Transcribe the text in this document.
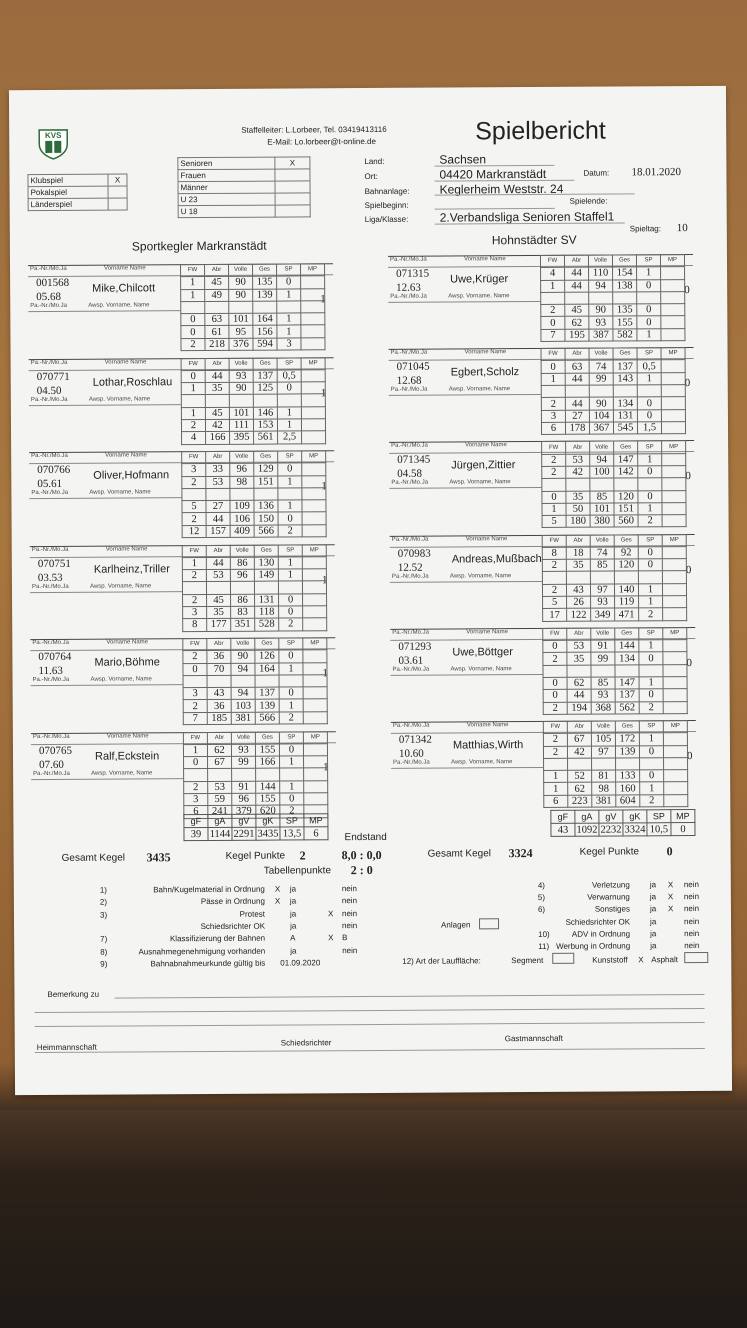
KVS
Staffelleiter: L.Lorbeer, Tel. 03419413116
E-Mail: Lo.lorbeer@t-online.de	Spielbericht
Klubspiel	X
Pokalspiel	
Länderspiel	
Senioren	X
Frauen	
Männer	
U 23	
U 18	
Land:	Sachsen
Ort:	04420 Markranstädt	Datum: 18.01.2020
Bahnanlage: Keglerheim Weststr. 24
Spielbeginn:	Spielende:
Liga/Klasse:	2.Verbandsliga Senioren Staffel1
Spieltag: 10
Sportkegler Markranstädt	Hohnstädter SV
Pa.-Nr./Mo.Ja	Vorname Name
001568
05.68
Mike,Chilcott
Pa.-Nr./Mo.Ja	Awsp. Vorname, Name
1
FW	Abr	Volle	Ges	SP	MP
1	45	90	135	0	
1	49	90	139	1	

0	63	101	164	1	
0	61	95	156	1	
2	218	376	594	3	
Pa.-Nr./Mo.Ja	Vorname Name
070771
04.50
Lothar,Roschlau
Pa.-Nr./Mo.Ja	Awsp. Vorname, Name
1
FW	Abr	Volle	Ges	SP	MP
0	44	93	137	0,5	
1	35	90	125	0	

1	45	101	146	1	
2	42	111	153	1	
4	166	395	561	2,5	
Pa.-Nr./Mo.Ja	Vorname Name
070766
05.61
Oliver,Hofmann
Pa.-Nr./Mo.Ja	Awsp. Vorname, Name
1
FW	Abr	Volle	Ges	SP	MP
3	33	96	129	0	
2	53	98	151	1	

5	27	109	136	1	
2	44	106	150	0	
12	157	409	566	2	
Pa.-Nr./Mo.Ja	Vorname Name
070751
03.53
Karlheinz,Triller
Pa.-Nr./Mo.Ja	Awsp. Vorname, Name
1
FW	Abr	Volle	Ges	SP	MP
1	44	86	130	1	
2	53	96	149	1	

2	45	86	131	0	
3	35	83	118	0	
8	177	351	528	2	
Pa.-Nr./Mo.Ja	Vorname Name
070764
11.63
Mario,Böhme
Pa.-Nr./Mo.Ja	Awsp. Vorname, Name
1
FW	Abr	Volle	Ges	SP	MP
2	36	90	126	0	
0	70	94	164	1	

3	43	94	137	0	
2	36	103	139	1	
7	185	381	566	2	
Pa.-Nr./Mo.Ja	Vorname Name
070765
07.60
Ralf,Eckstein
Pa.-Nr./Mo.Ja	Awsp. Vorname, Name
1
FW	Abr	Volle	Ges	SP	MP
1	62	93	155	0	
0	67	99	166	1	

2	53	91	144	1	
3	59	96	155	0	
6	241	379	620	2	
Pa.-Nr./Mo.Ja	Vorname Name
071315
12.63
Uwe,Krüger
Pa.-Nr./Mo.Ja	Awsp. Vorname, Name
0
FW	Abr	Volle	Ges	SP	MP
4	44	110	154	1	
1	44	94	138	0	

2	45	90	135	0	
0	62	93	155	0	
7	195	387	582	1	
Pa.-Nr./Mo.Ja	Vorname Name
071045
12.68
Egbert,Scholz
Pa.-Nr./Mo.Ja	Awsp. Vorname, Name
0
FW	Abr	Volle	Ges	SP	MP
0	63	74	137	0,5	
1	44	99	143	1	

2	44	90	134	0	
3	27	104	131	0	
6	178	367	545	1,5	
Pa.-Nr./Mo.Ja	Vorname Name
071345
04.58
Jürgen,Zittier
Pa.-Nr./Mo.Ja	Awsp. Vorname, Name
0
FW	Abr	Volle	Ges	SP	MP
2	53	94	147	1	
2	42	100	142	0	

0	35	85	120	0	
1	50	101	151	1	
5	180	380	560	2	
Pa.-Nr./Mo.Ja	Vorname Name
070983
12.52
Andreas,Mußbach
Pa.-Nr./Mo.Ja	Awsp. Vorname, Name
0
FW	Abr	Volle	Ges	SP	MP
8	18	74	92	0	
2	35	85	120	0	

2	43	97	140	1	
5	26	93	119	1	
17	122	349	471	2	
Pa.-Nr./Mo.Ja	Vorname Name
071293
03.61
Uwe,Böttger
Pa.-Nr./Mo.Ja	Awsp. Vorname, Name
0
FW	Abr	Volle	Ges	SP	MP
0	53	91	144	1	
2	35	99	134	0	

0	62	85	147	1	
0	44	93	137	0	
2	194	368	562	2	
Pa.-Nr./Mo.Ja	Vorname Name
071342
10.60
Matthias,Wirth
Pa.-Nr./Mo.Ja	Awsp. Vorname, Name
0
FW	Abr	Volle	Ges	SP	MP
2	67	105	172	1	
2	42	97	139	0	

1	52	81	133	0	
1	62	98	160	1	
6	223	381	604	2	
gF	gA	gV	gK	SP	MP
39	1144	2291	3435	13,5	6
gF	gA	gV	gK	SP	MP
43	1092	2232	3324	10,5	0
Endstand
Gesamt Kegel 3435	Kegel Punkte 2	8,0 : 0,0	Gesamt Kegel 3324	Kegel Punkte 0
Tabellenpunkte 2 : 0
1)	Bahn/Kugelmaterial in Ordnung X ja	nein
2)	Pässe in Ordnung X ja	nein
3)	Protest	ja	X nein
Schiedsrichter OK	ja	nein
7)	Klassifizierung der Bahnen	A	X B
8)	Ausnahmegenehmigung vorhanden	ja	nein
9)	Bahnabnahmeurkunde gültig bis 01.09.2020
4)	Verletzung ja X nein
5)	Verwarnung ja X nein
6)	Sonstiges ja X nein
Schiedsrichter OK ja	nein
10)	ADV in Ordnung ja	nein
11) Werbung in Ordnung ja	nein
Anlagen
12) Art der Lauffläche:	Segment	Kunststoff X Asphalt
Bemerkung zu
Heimmannschaft	Schiedsrichter	Gastmannschaft
